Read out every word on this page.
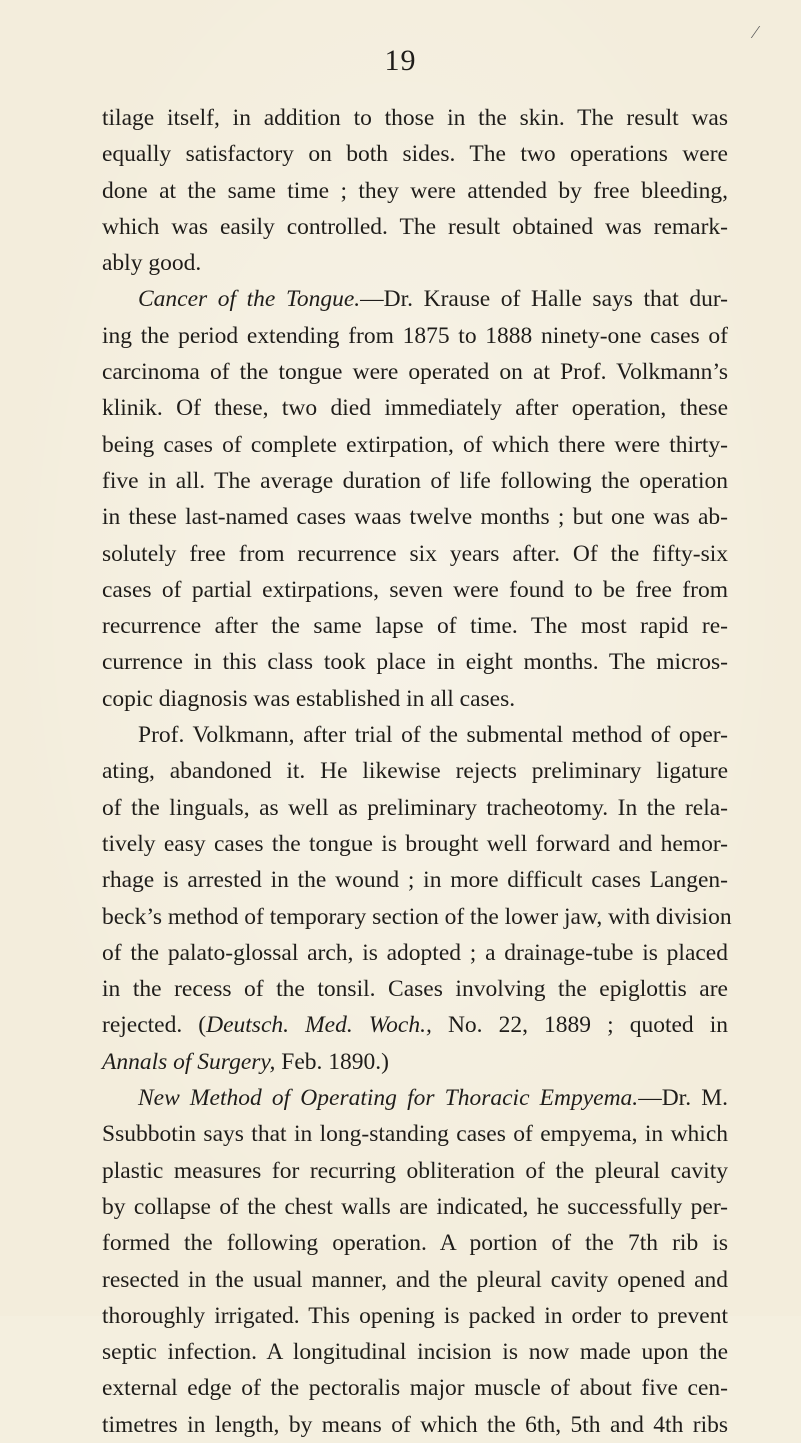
⁄
19
tilage itself, in addition to those in the skin. The result was
equally satisfactory on both sides. The two operations were
done at the same time ; they were attended by free bleeding,
which was easily controlled. The result obtained was remark-
ably good.
Cancer of the Tongue.—Dr. Krause of Halle says that dur-
ing the period extending from 1875 to 1888 ninety-one cases of
carcinoma of the tongue were operated on at Prof. Volkmann’s
klinik. Of these, two died immediately after operation, these
being cases of complete extirpation, of which there were thirty-
five in all. The average duration of life following the operation
in these last-named cases waas twelve months ; but one was ab-
solutely free from recurrence six years after. Of the fifty-six
cases of partial extirpations, seven were found to be free from
recurrence after the same lapse of time. The most rapid re-
currence in this class took place in eight months. The micros-
copic diagnosis was established in all cases.
Prof. Volkmann, after trial of the submental method of oper-
ating, abandoned it. He likewise rejects preliminary ligature
of the linguals, as well as preliminary tracheotomy. In the rela-
tively easy cases the tongue is brought well forward and hemor-
rhage is arrested in the wound ; in more difficult cases Langen-
beck’s method of temporary section of the lower jaw, with division
of the palato-glossal arch, is adopted ; a drainage-tube is placed
in the recess of the tonsil. Cases involving the epiglottis are
rejected. (Deutsch. Med. Woch., No. 22, 1889 ; quoted in
Annals of Surgery, Feb. 1890.)
New Method of Operating for Thoracic Empyema.—Dr. M.
Ssubbotin says that in long-standing cases of empyema, in which
plastic measures for recurring obliteration of the pleural cavity
by collapse of the chest walls are indicated, he successfully per-
formed the following operation. A portion of the 7th rib is
resected in the usual manner, and the pleural cavity opened and
thoroughly irrigated. This opening is packed in order to prevent
septic infection. A longitudinal incision is now made upon the
external edge of the pectoralis major muscle of about five cen-
timetres in length, by means of which the 6th, 5th and 4th ribs
